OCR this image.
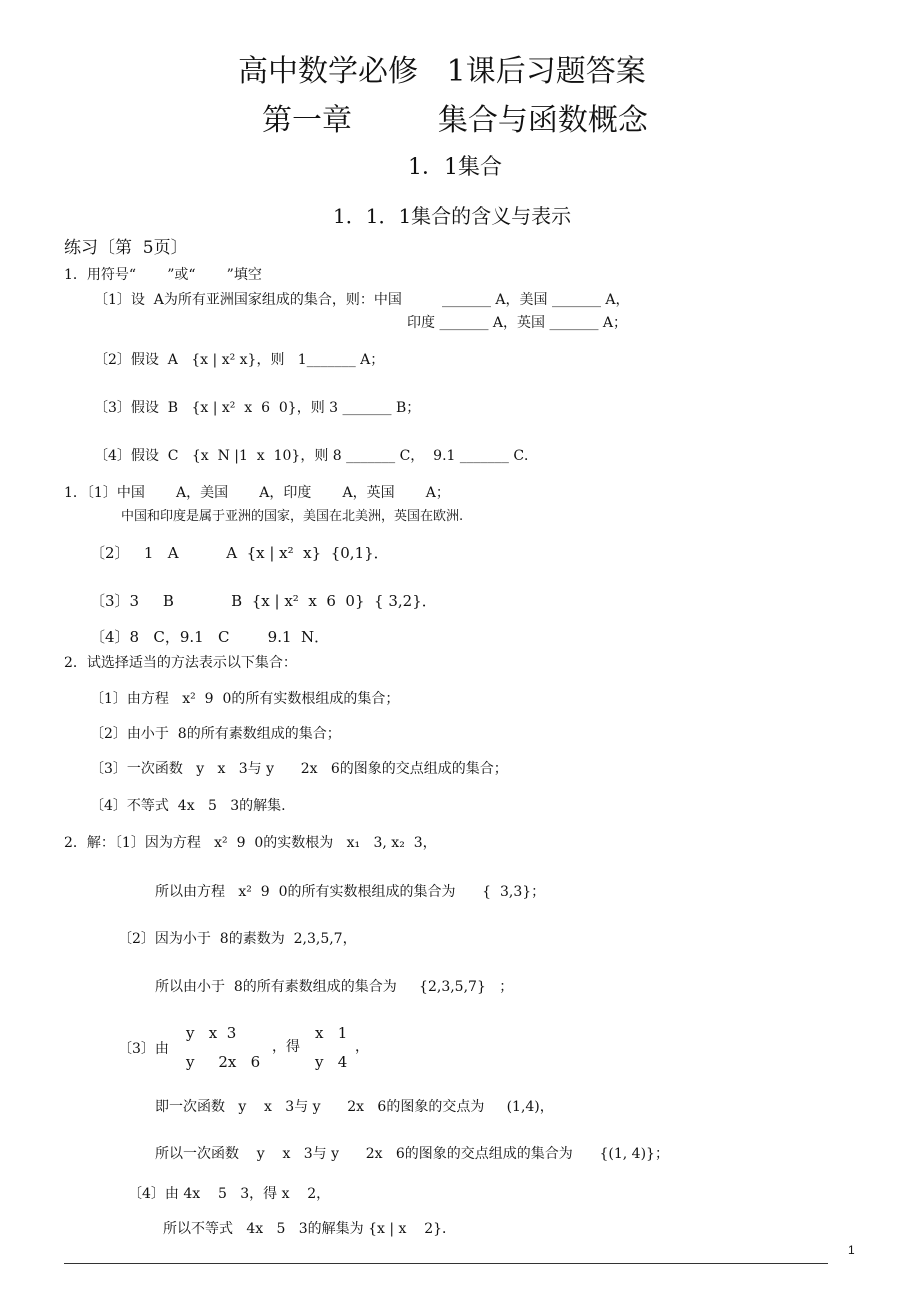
高中数学必修   1课后习题答案
第一章         集合与函数概念
1．1集合
1．1．1集合的含义与表示
练习〔第  5页〕
1．用符号“       ”或“       ”填空
〔1〕设  A为所有亚洲国家组成的集合，则：中国         _______ A，美国 _______ A，
印度 _______ A，英国 _______ A；
〔2〕假设  A   {x | x² x}，则   1_______ A；
〔3〕假设  B   {x | x²  x  6  0}，则 3 _______ B；
〔4〕假设  C   {x  N |1  x  10}，则 8 _______ C，  9.1 _______ C．
1．〔1〕中国       A，美国       A，印度       A，英国       A；
中国和印度是属于亚洲的国家，美国在北美洲，英国在欧洲.
〔2〕   1   A          A  {x | x²  x}  {0,1}．
〔3〕3     B            B  {x | x²  x  6  0}  { 3,2}．
〔4〕8   C，9.1   C        9.1  N．
2．试选择适当的方法表示以下集合：
〔1〕由方程   x²  9  0的所有实数根组成的集合；
〔2〕由小于  8的所有素数组成的集合；
〔3〕一次函数   y   x   3与 y      2x   6的图象的交点组成的集合；
〔4〕不等式  4x   5   3的解集.
2．解：〔1〕因为方程   x²  9  0的实数根为   x₁   3, x₂  3，
所以由方程   x²  9  0的所有实数根组成的集合为      {  3,3}；
〔2〕因为小于  8的素数为  2,3,5,7，
所以由小于  8的所有素数组成的集合为     {2,3,5,7}   ；
〔3〕由
y   x  3
y     2x   6
，得
x   1
y   4
，
即一次函数   y    x   3与 y      2x   6的图象的交点为     (1,4)，
所以一次函数    y    x   3与 y      2x   6的图象的交点组成的集合为      {(1, 4)}；
〔4〕由 4x    5   3，得 x    2，
所以不等式   4x   5   3的解集为 {x | x    2}．
1
